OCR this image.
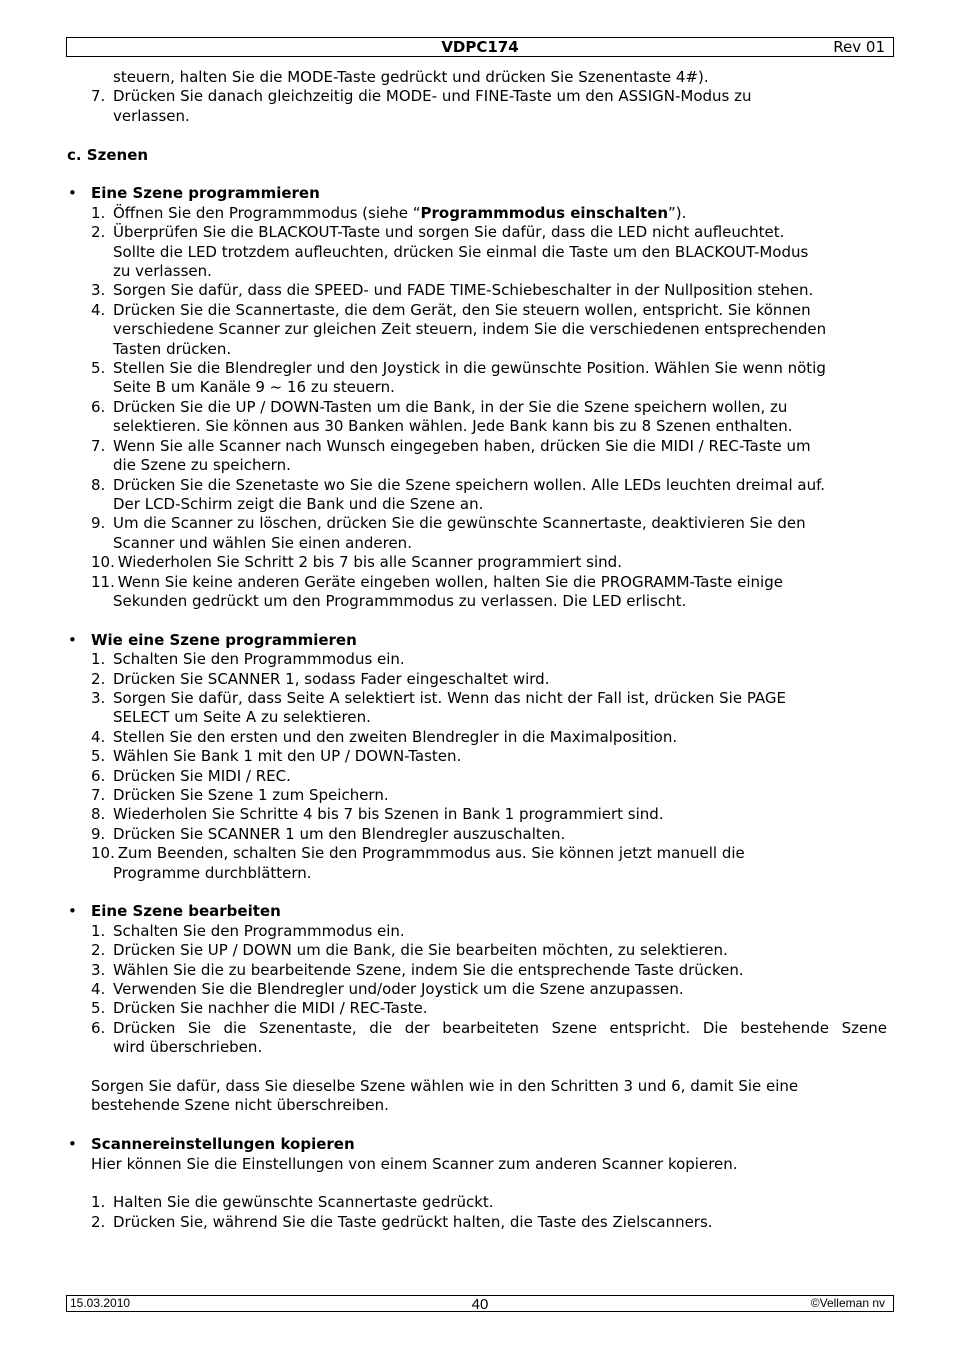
VDPC174	Rev 01
steuern, halten Sie die MODE-Taste gedrückt und drücken Sie Szenentaste 4#).
7. Drücken Sie danach gleichzeitig die MODE- und FINE-Taste um den ASSIGN-Modus zu
verlassen.
c. Szenen
• Eine Szene programmieren
1. Öffnen Sie den Programmmodus (siehe “Programmmodus einschalten”).
2. Überprüfen Sie die BLACKOUT-Taste und sorgen Sie dafür, dass die LED nicht aufleuchtet.
Sollte die LED trotzdem aufleuchten, drücken Sie einmal die Taste um den BLACKOUT-Modus
zu verlassen.
3. Sorgen Sie dafür, dass die SPEED- und FADE TIME-Schiebeschalter in der Nullposition stehen.
4. Drücken Sie die Scannertaste, die dem Gerät, den Sie steuern wollen, entspricht. Sie können
verschiedene Scanner zur gleichen Zeit steuern, indem Sie die verschiedenen entsprechenden
Tasten drücken.
5. Stellen Sie die Blendregler und den Joystick in die gewünschte Position. Wählen Sie wenn nötig
Seite B um Kanäle 9 ~ 16 zu steuern.
6. Drücken Sie die UP / DOWN-Tasten um die Bank, in der Sie die Szene speichern wollen, zu
selektieren. Sie können aus 30 Banken wählen. Jede Bank kann bis zu 8 Szenen enthalten.
7. Wenn Sie alle Scanner nach Wunsch eingegeben haben, drücken Sie die MIDI / REC-Taste um
die Szene zu speichern.
8. Drücken Sie die Szenetaste wo Sie die Szene speichern wollen. Alle LEDs leuchten dreimal auf.
Der LCD-Schirm zeigt die Bank und die Szene an.
9. Um die Scanner zu löschen, drücken Sie die gewünschte Scannertaste, deaktivieren Sie den
Scanner und wählen Sie einen anderen.
10.
Wiederholen Sie Schritt 2 bis 7 bis alle Scanner programmiert sind.
11.
Wenn Sie keine anderen Geräte eingeben wollen, halten Sie die PROGRAMM-Taste einige
Sekunden gedrückt um den Programmmodus zu verlassen. Die LED erlischt.
• Wie eine Szene programmieren
1. Schalten Sie den Programmmodus ein.
2. Drücken Sie SCANNER 1, sodass Fader eingeschaltet wird.
3. Sorgen Sie dafür, dass Seite A selektiert ist. Wenn das nicht der Fall ist, drücken Sie PAGE
SELECT um Seite A zu selektieren.
4. Stellen Sie den ersten und den zweiten Blendregler in die Maximalposition.
5. Wählen Sie Bank 1 mit den UP / DOWN-Tasten.
6. Drücken Sie MIDI / REC.
7. Drücken Sie Szene 1 zum Speichern.
8. Wiederholen Sie Schritte 4 bis 7 bis Szenen in Bank 1 programmiert sind.
9. Drücken Sie SCANNER 1 um den Blendregler auszuschalten.
10.
Zum Beenden, schalten Sie den Programmmodus aus. Sie können jetzt manuell die
Programme durchblättern.
• Eine Szene bearbeiten
1. Schalten Sie den Programmmodus ein.
2. Drücken Sie UP / DOWN um die Bank, die Sie bearbeiten möchten, zu selektieren.
3. Wählen Sie die zu bearbeitende Szene, indem Sie die entsprechende Taste drücken.
4. Verwenden Sie die Blendregler und/oder Joystick um die Szene anzupassen.
5. Drücken Sie nachher die MIDI / REC-Taste.
6. Drücken Sie die Szenentaste, die der bearbeiteten Szene entspricht. Die bestehende Szene
wird überschrieben.
Sorgen Sie dafür, dass Sie dieselbe Szene wählen wie in den Schritten 3 und 6, damit Sie eine
bestehende Szene nicht überschreiben.
• Scannereinstellungen kopieren
Hier können Sie die Einstellungen von einem Scanner zum anderen Scanner kopieren.
1. Halten Sie die gewünschte Scannertaste gedrückt.
2. Drücken Sie, während Sie die Taste gedrückt halten, die Taste des Zielscanners.
15.03.2010	40	©Velleman nv
